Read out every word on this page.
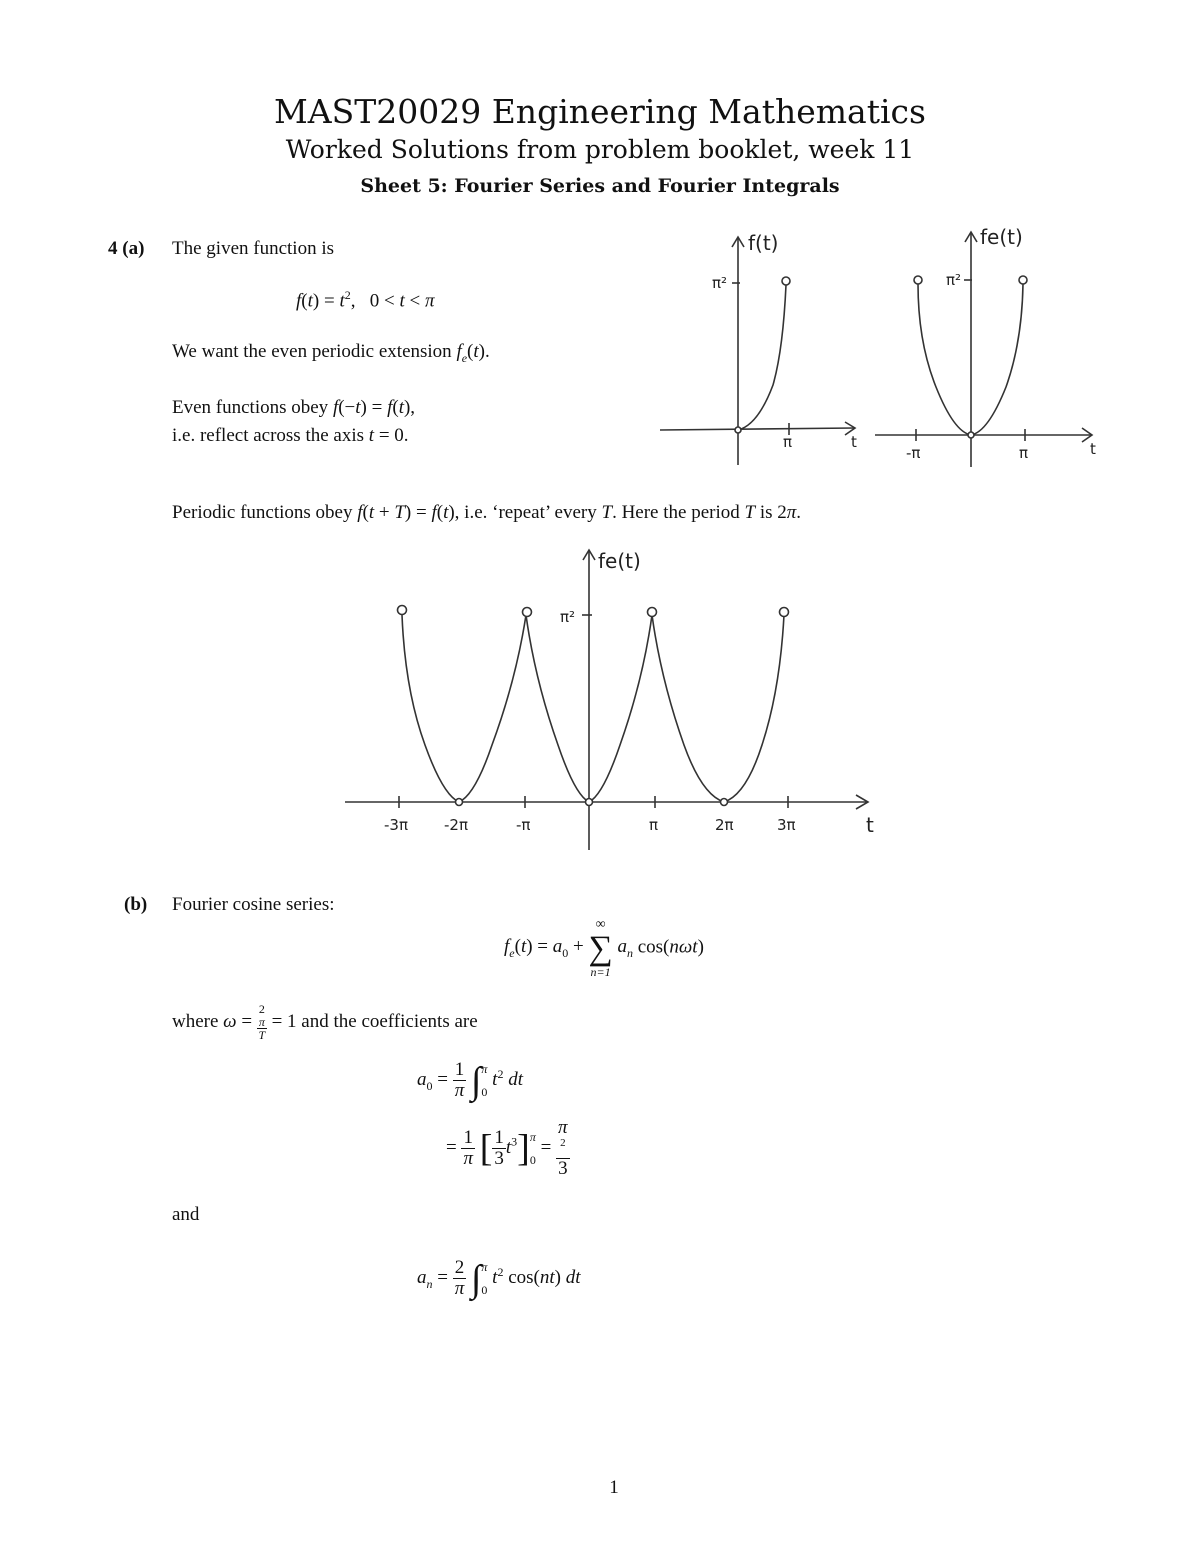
MAST20029 Engineering Mathematics
Worked Solutions from problem booklet, week 11
Sheet 5: Fourier Series and Fourier Integrals
4 (a) The given function is
$f(t) = t^2$,   0 < t < π
We want the even periodic extension $f_e(t)$.
Even functions obey f(−t) = f(t),
i.e. reflect across the axis t = 0.
Periodic functions obey f(t + T) = f(t), i.e. ‘repeat’ every T. Here the period T is 2π.
f(t)
π²
π	t
fe(t)
π²
-π	π	t
fe(t)
π²
-3π -2π	-π	π	2π	3π	t
(b) Fourier cosine series:
$f_e(t) = a_0$ +
∞
∑
n=1
$a_n$ cos(nωt)
where ω = 2
π
T = 1 and the coefficients are
$a_0 = \frac{1}{\pi}$ ∫ π
0
$t^2$ dt
= $\frac{1}{\pi}$ [ $\frac{1}{3} t^3$] π
0
= π
$^2$
3
and
$a_n = \frac{2}{\pi}$ ∫ π
0
$t^2$ cos(nt) dt
1
